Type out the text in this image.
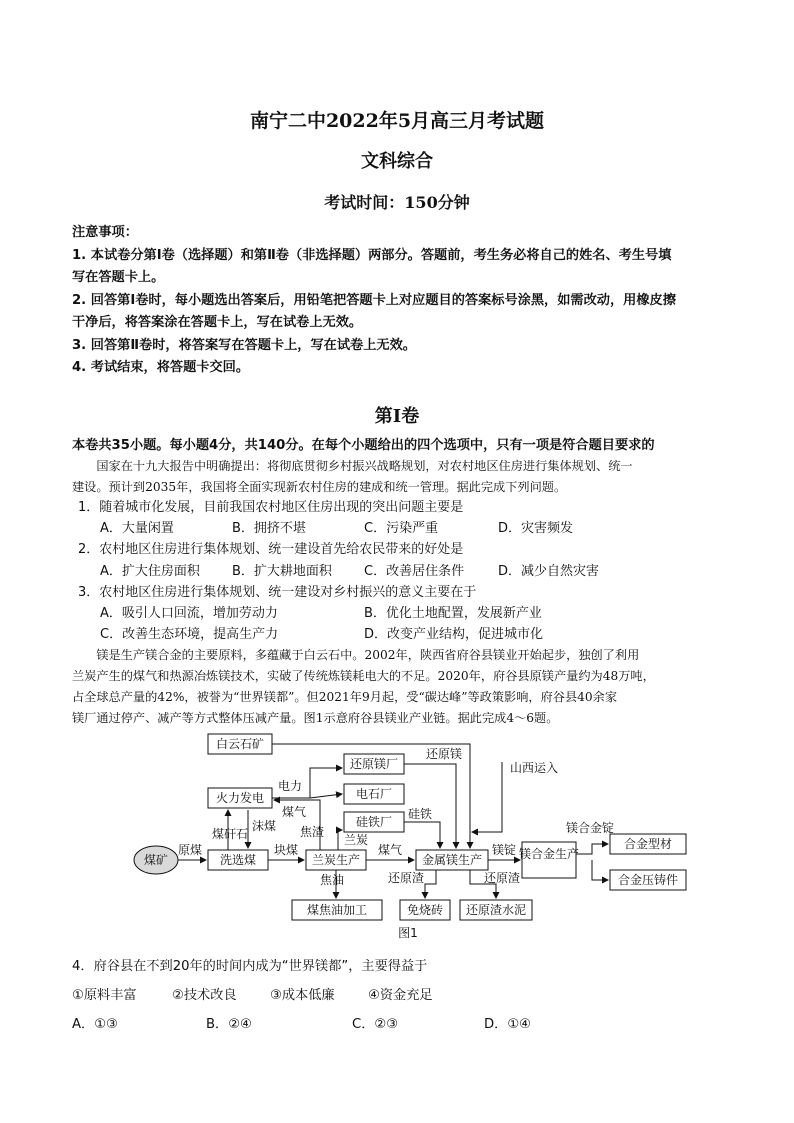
南宁二中2022年5月高三月考试题
文科综合
考试时间：150分钟
注意事项：
1. 本试卷分第Ⅰ卷（选择题）和第Ⅱ卷（非选择题）两部分。答题前，考生务必将自己的姓名、考生号填
写在答题卡上。
2. 回答第Ⅰ卷时，每小题选出答案后，用铅笔把答题卡上对应题目的答案标号涂黑，如需改动，用橡皮擦
干净后，将答案涂在答题卡上，写在试卷上无效。
3. 回答第Ⅱ卷时，将答案写在答题卡上，写在试卷上无效。
4. 考试结束，将答题卡交回。
第Ⅰ卷
本卷共35小题。每小题4分，共140分。在每个小题给出的四个选项中，只有一项是符合题目要求的
　　国家在十九大报告中明确提出：将彻底贯彻乡村振兴战略规划，对农村地区住房进行集体规划、统一
建设。预计到2035年，我国将全面实现新农村住房的建成和统一管理。据此完成下列问题。
1．随着城市化发展，目前我国农村地区住房出现的突出问题主要是
A．大量闲置	B．拥挤不堪	C．污染严重	D．灾害频发
2．农村地区住房进行集体规划、统一建设首先给农民带来的好处是
A．扩大住房面积 B．扩大耕地面积 C．改善居住条件	D．减少自然灾害
3．农村地区住房进行集体规划、统一建设对乡村振兴的意义主要在于
A．吸引人口回流，增加劳动力	B．优化土地配置，发展新产业
C．改善生态环境，提高生产力	D．改变产业结构，促进城市化
　　镁是生产镁合金的主要原料，多蕴藏于白云石中。2002年，陕西省府谷县镁业开始起步，独创了利用
兰炭产生的煤气和热源冶炼镁技术，实破了传统炼镁耗电大的不足。2020年，府谷县原镁产量约为48万吨，
占全球总产量的42%，被誉为“世界镁都”。但2021年9月起，受“碳达峰”等政策影响，府谷县40余家
镁厂通过停产、减产等方式整体压减产量。图1示意府谷县镁业产业链。据此完成4～6题。
白云石矿
还原镁厂
火力发电	电石厂
硅铁厂
煤矿	洗选煤	兰炭生产	金属镁生产	镁合金生产
合金型材
合金压铸件
煤焦油加工	免烧砖 还原渣水泥
电力
还原镁
山西运入
煤矸石
沫煤
煤气
焦渣
兰炭
硅铁
原煤	块煤	煤气
焦油
镁锭
镁合金锭
还原渣	还原渣
图1
4．府谷县在不到20年的时间内成为“世界镁都”，主要得益于
①原料丰富	②技术改良	③成本低廉	④资金充足
A．①③	B．②④	C．②③	D．①④
